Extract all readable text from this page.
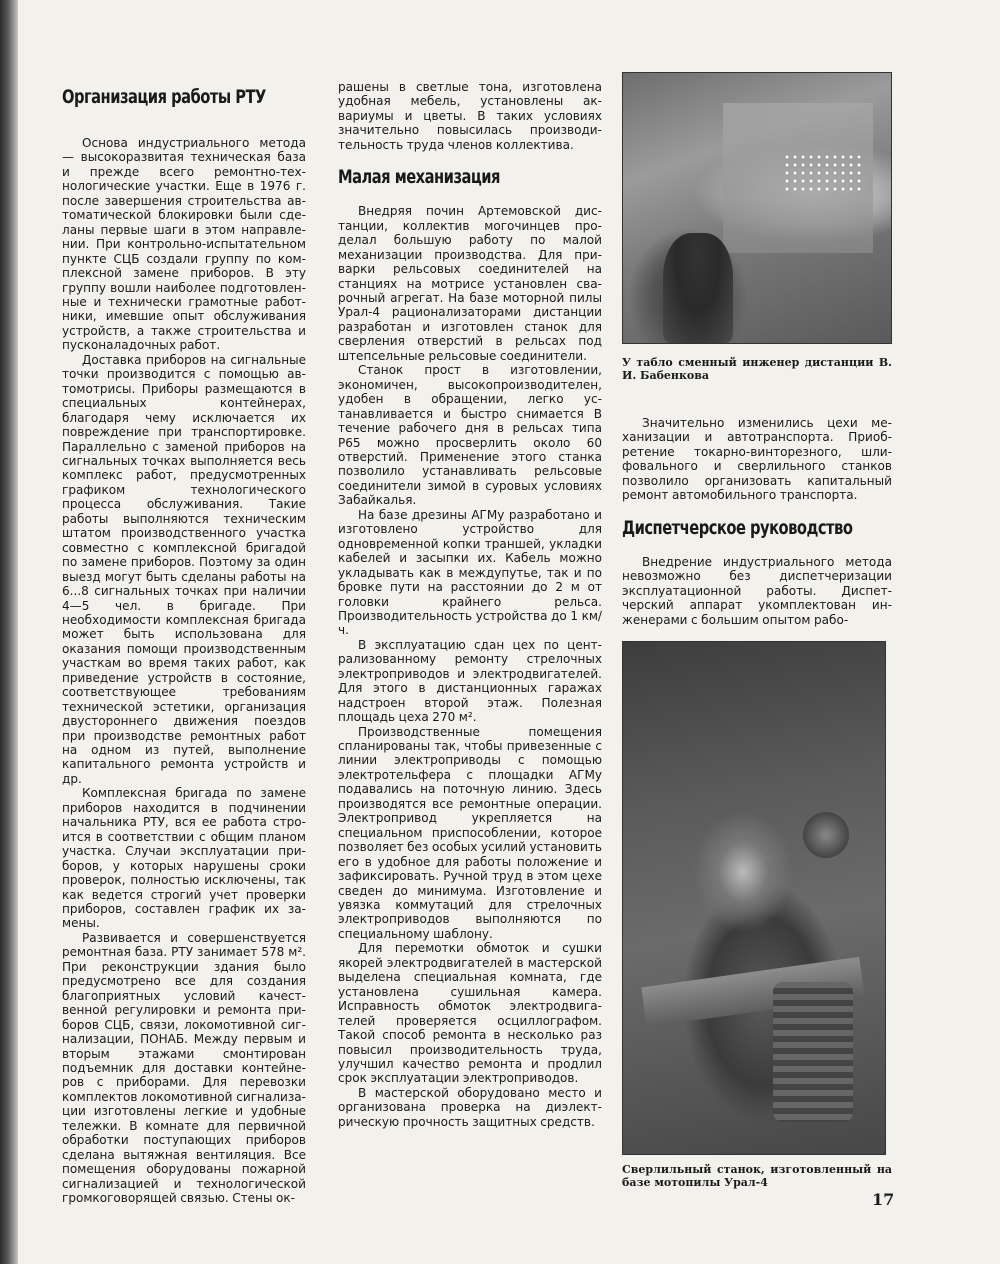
Организация работы РТУ

Основа индустриального метода — высокоразвитая техническая база и прежде всего ремонтно-технологические участки. Еще в 1976 г. после завершения строительства автоматической блокировки были сделаны первые шаги в этом направлении. При контрольно-испытательном пункте СЦБ создали группу по комплексной замене приборов. В эту группу вошли наиболее подготовленные и технически грамотные работники, имевшие опыт обслуживания устройств, а также строительства и пусконаладочных работ.

Доставка приборов на сигнальные точки производится с помощью автомотрисы. Приборы размещаются в специальных контейнерах, благодаря чему исключается их повреждение при транспортировке. Параллельно с заменой приборов на сигнальных точках выполняется весь комплекс работ, предусмотренных графиком технологического процесса обслуживания. Такие работы выполняются техническим штатом производственного участка совместно с комплексной бригадой по замене приборов. Поэтому за один выезд могут быть сделаны работы на 6...8 сигнальных точках при наличии 4—5 чел. в бригаде. При необходимости комплексная бригада может быть использована для оказания помощи производственным участкам во время таких работ, как приведение устройств в состояние, соответствующее требованиям технической эстетики, организация двустороннего движения поездов при производстве ремонтных работ на одном из путей, выполнение капитального ремонта устройств и др.

Комплексная бригада по замене приборов находится в подчинении начальника РТУ, вся ее работа строится в соответствии с общим планом участка. Случаи эксплуатации приборов, у которых нарушены сроки проверок, полностью исключены, так как ведется строгий учет проверки приборов, составлен график их замены.

Развивается и совершенствуется ремонтная база. РТУ занимает 578 м². При реконструкции здания было предусмотрено все для создания благоприятных условий качественной регулировки и ремонта приборов СЦБ, связи, локомотивной сигнализации, ПОНАБ. Между первым и вторым этажами смонтирован подъемник для доставки контейнеров с приборами. Для перевозки комплектов локомотивной сигнализации изготовлены легкие и удобные тележки. В комнате для первичной обработки поступающих приборов сделана вытяжная вентиляция. Все помещения оборудованы пожарной сигнализацией и технологической громкоговорящей связью. Стены ок-

рашены в светлые тона, изготовлена удобная мебель, установлены аквариумы и цветы. В таких условиях значительно повысилась производительность труда членов коллектива.

Малая механизация

Внедряя почин Артемовской дистанции, коллектив могочинцев проделал большую работу по малой механизации производства. Для приварки рельсовых соединителей на станциях на мотрисе установлен сварочный агрегат. На базе моторной пилы Урал-4 рационализаторами дистанции разработан и изготовлен станок для сверления отверстий в рельсах под штепсельные рельсовые соединители.

Станок прост в изготовлении, экономичен, высокопроизводителен, удобен в обращении, легко устанавливается и быстро снимается В течение рабочего дня в рельсах типа Р65 можно просверлить около 60 отверстий. Применение этого станка позволило устанавливать рельсовые соединители зимой в суровых условиях Забайкалья.

На базе дрезины АГМу разработано и изготовлено устройство для одновременной копки траншей, укладки кабелей и засыпки их. Кабель можно укладывать как в междупутье, так и по бровке пути на расстоянии до 2 м от головки крайнего рельса. Производительность устройства до 1 км/ ч.

В эксплуатацию сдан цех по централизованному ремонту стрелочных электроприводов и электродвигателей. Для этого в дистанционных гаражах надстроен второй этаж. Полезная площадь цеха 270 м².

Производственные помещения спланированы так, чтобы привезенные с линии электроприводы с помощью электротельфера с площадки АГМу подавались на поточную линию. Здесь производятся все ремонтные операции. Электропривод укрепляется на специальном приспособлении, которое позволяет без особых усилий установить его в удобное для работы положение и зафиксировать. Ручной труд в этом цехе сведен до минимума. Изготовление и увязка коммутаций для стрелочных электроприводов выполняются по специальному шаблону.

Для перемотки обмоток и сушки якорей электродвигателей в мастерской выделена специальная комната, где установлена сушильная камера. Исправность обмоток электродвигателей проверяется осциллографом. Такой способ ремонта в несколько раз повысил производительность труда, улучшил качество ремонта и продлил срок эксплуатации электроприводов.

В мастерской оборудовано место и организована проверка на диэлектрическую прочность защитных средств.

У табло сменный инженер дистанции В. И. Бабенкова

Значительно изменились цехи механизации и автотранспорта. Приобретение токарно-винторезного, шлифовального и сверлильного станков позволило организовать капитальный ремонт автомобильного транспорта.

Диспетчерское руководство

Внедрение индустриального метода невозможно без диспетчеризации эксплуатационной работы. Диспетчерский аппарат укомплектован инженерами с большим опытом рабо-

Сверлильный станок, изготовленный на базе мотопилы Урал-4

17
